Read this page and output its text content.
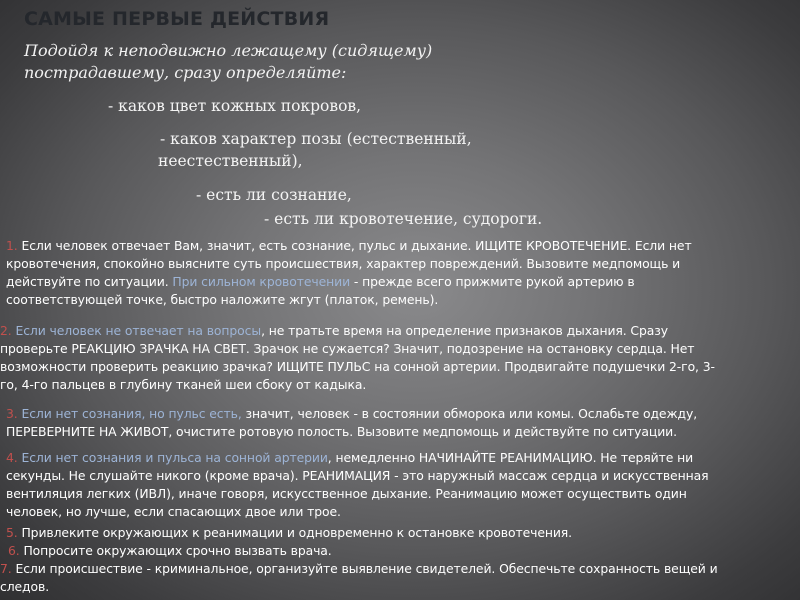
САМЫЕ ПЕРВЫЕ ДЕЙСТВИЯ
Подойдя к неподвижно лежащему (сидящему)
пострадавшему, сразу определяйте:
- каков цвет кожных покровов,
- каков характер позы (естественный,
неестественный),
- есть ли сознание,
- есть ли кровотечение, судороги.
1. Если человек отвечает Вам, значит, есть сознание, пульс и дыхание. ИЩИТЕ КРОВОТЕЧЕНИЕ. Если нет
кровотечения, спокойно выясните суть происшествия, характер повреждений. Вызовите медпомощь и
действуйте по ситуации. При сильном кровотечении - прежде всего прижмите рукой артерию в
соответствующей точке, быстро наложите жгут (платок, ремень).
2. Если человек не отвечает на вопросы, не тратьте время на определение признаков дыхания. Сразу
проверьте РЕАКЦИЮ ЗРАЧКА НА СВЕТ. Зрачок не сужается? Значит, подозрение на остановку сердца. Нет
возможности проверить реакцию зрачка? ИЩИТЕ ПУЛЬС на сонной артерии. Продвигайте подушечки 2-го, 3-
го, 4-го пальцев в глубину тканей шеи сбоку от кадыка.
3. Если нет сознания, но пульс есть, значит, человек - в состоянии обморока или комы. Ослабьте одежду,
ПЕРЕВЕРНИТЕ НА ЖИВОТ, очистите ротовую полость. Вызовите медпомощь и действуйте по ситуации.
4. Если нет сознания и пульса на сонной артерии, немедленно НАЧИНАЙТЕ РЕАНИМАЦИЮ. Не теряйте ни
секунды. Не слушайте никого (кроме врача). РЕАНИМАЦИЯ - это наружный массаж сердца и искусственная
вентиляция легких (ИВЛ), иначе говоря, искусственное дыхание. Реанимацию может осуществить один
человек, но лучше, если спасающих двое или трое.
5. Привлеките окружающих к реанимации и одновременно к остановке кровотечения.
6. Попросите окружающих срочно вызвать врача.
7. Если происшествие - криминальное, организуйте выявление свидетелей. Обеспечьте сохранность вещей и
следов.
